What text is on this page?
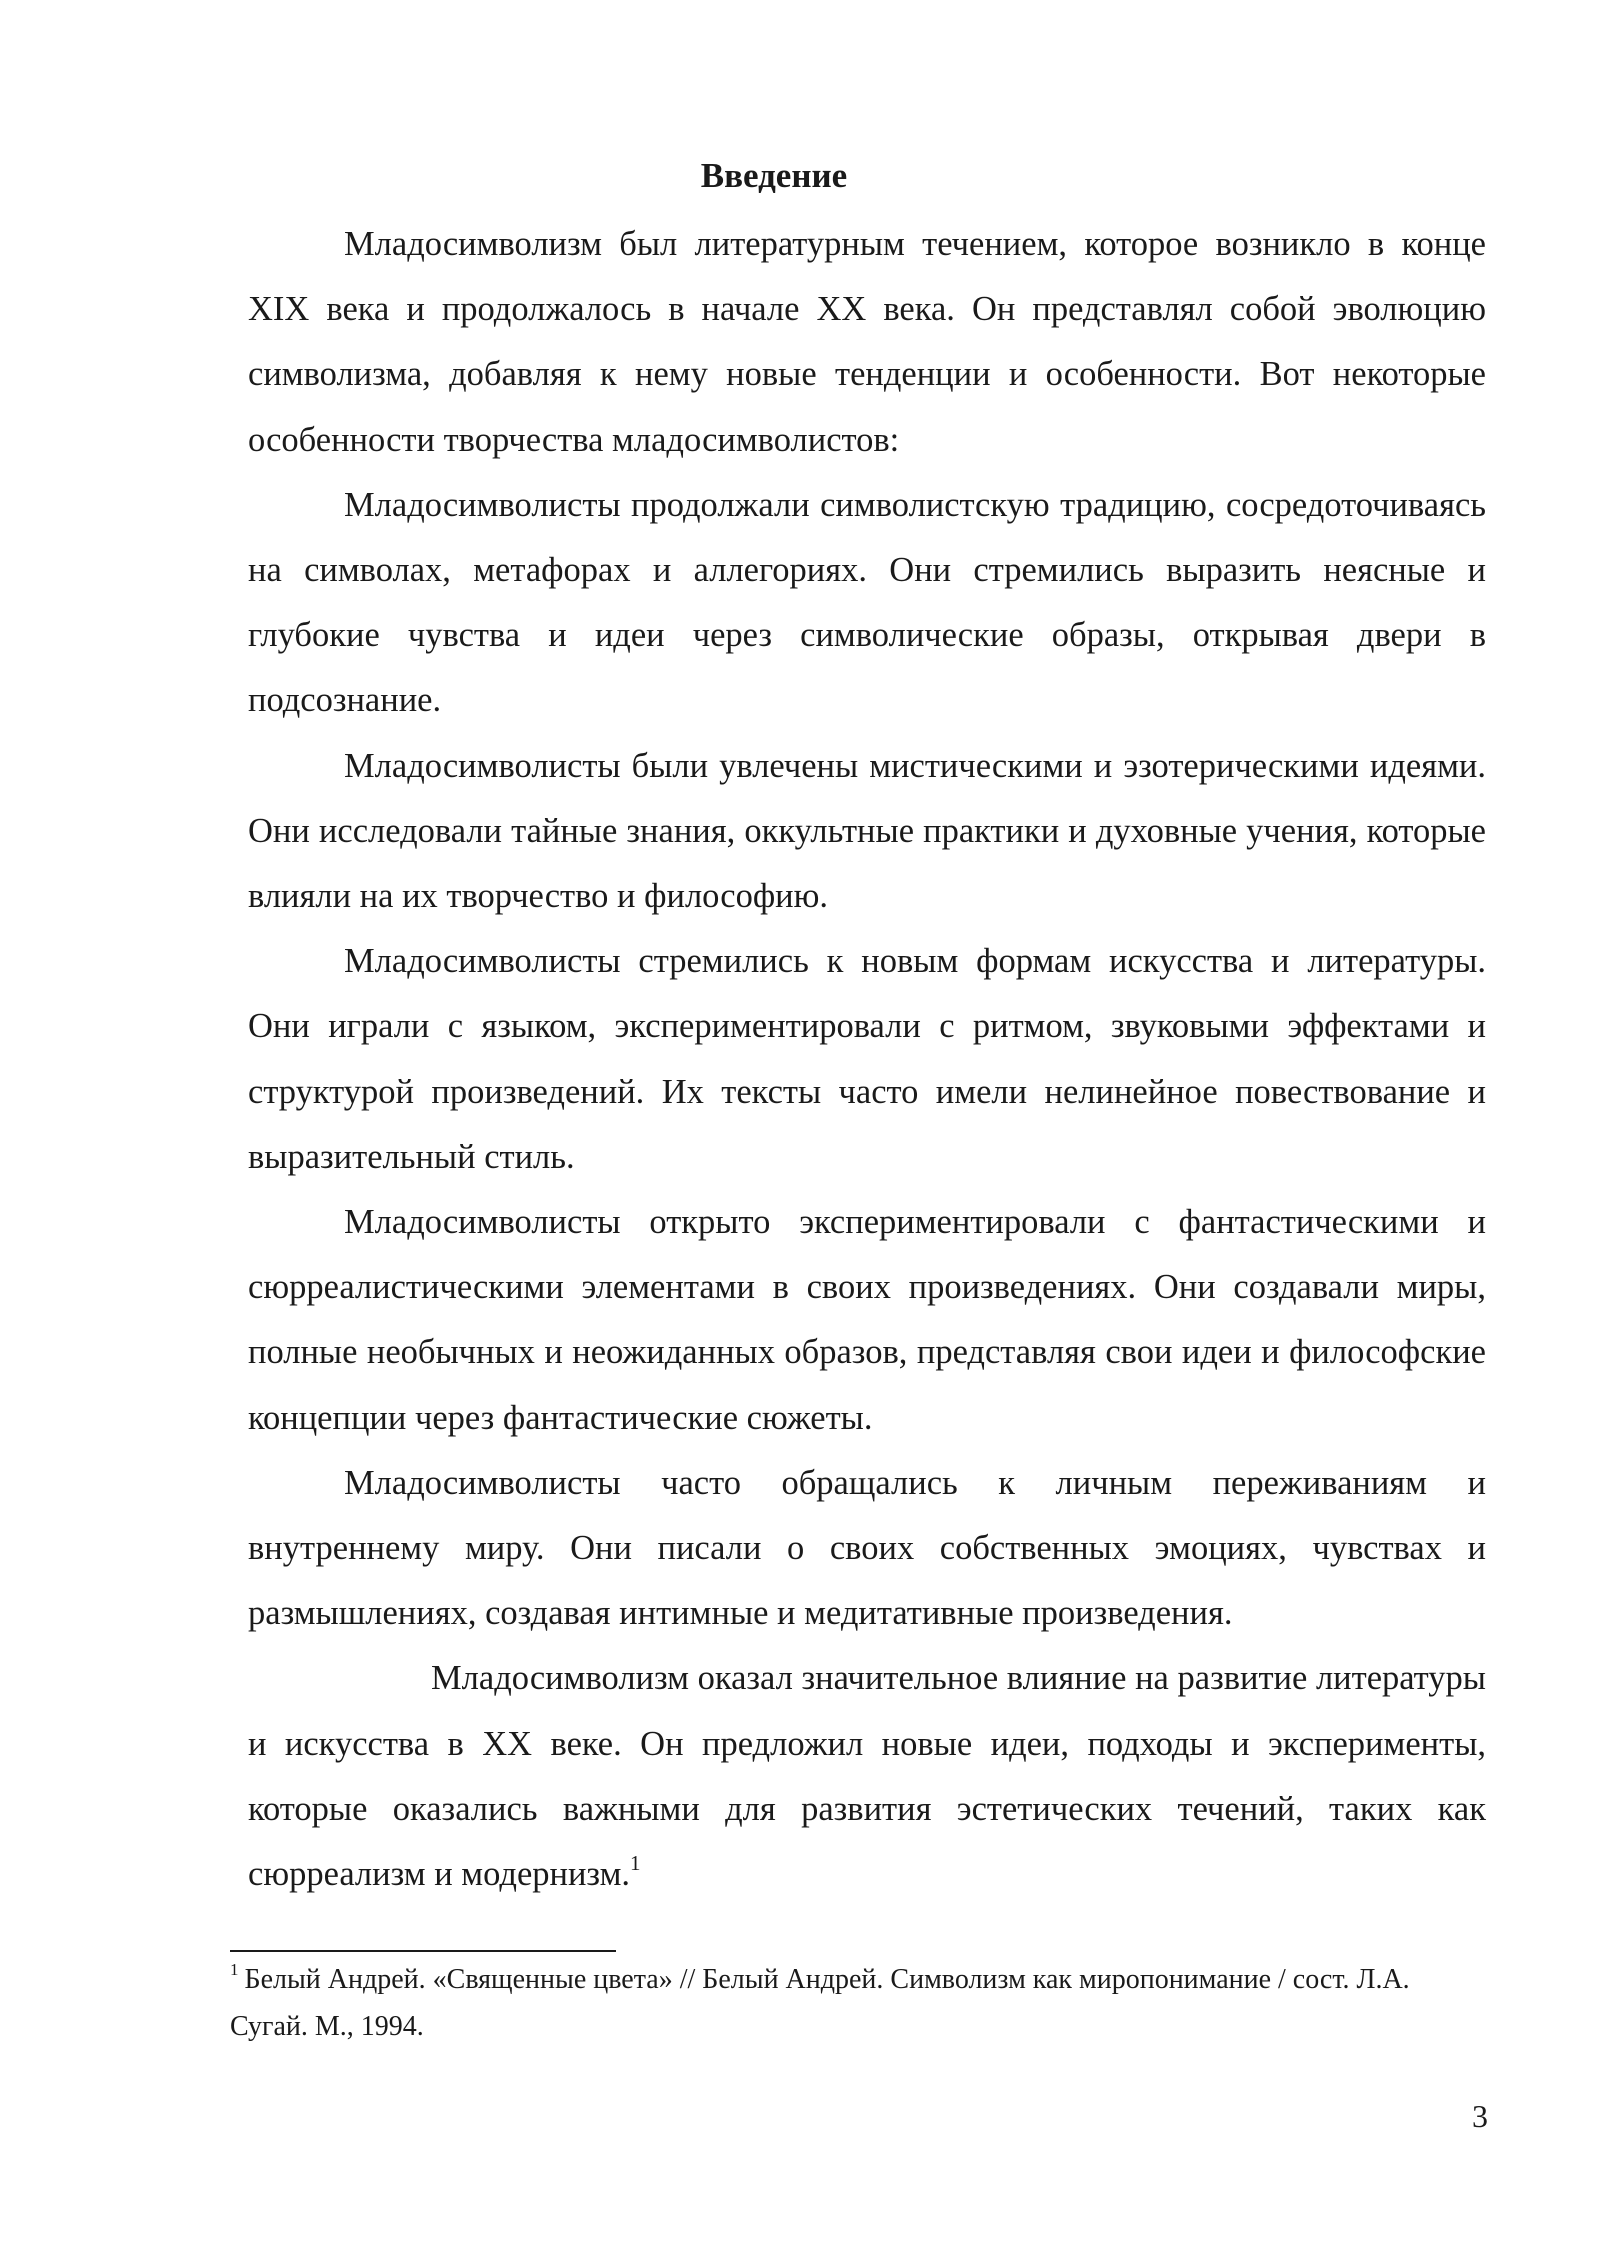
Введение

Младосимволизм был литературным течением, которое возникло в конце XIX века и продолжалось в начале XX века. Он представлял собой эволюцию символизма, добавляя к нему новые тенденции и особенности. Вот некоторые особенности творчества младосимволистов:

Младосимволисты продолжали символистскую традицию, сосредоточиваясь на символах, метафорах и аллегориях. Они стремились выразить неясные и глубокие чувства и идеи через символические образы, открывая двери в подсознание.

Младосимволисты были увлечены мистическими и эзотерическими идеями. Они исследовали тайные знания, оккультные практики и духовные учения, которые влияли на их творчество и философию.

Младосимволисты стремились к новым формам искусства и литературы. Они играли с языком, экспериментировали с ритмом, звуковыми эффектами и структурой произведений. Их тексты часто имели нелинейное повествование и выразительный стиль.

Младосимволисты открыто экспериментировали с фантастическими и сюрреалистическими элементами в своих произведениях. Они создавали миры, полные необычных и неожиданных образов, представляя свои идеи и философские концепции через фантастические сюжеты.

Младосимволисты часто обращались к личным переживаниям и внутреннему миру. Они писали о своих собственных эмоциях, чувствах и размышлениях, создавая интимные и медитативные произведения.

Младосимволизм оказал значительное влияние на развитие литературы и искусства в XX веке. Он предложил новые идеи, подходы и эксперименты, которые оказались важными для развития эстетических течений, таких как сюрреализм и модернизм.$^1$

$^1$ Белый Андрей. «Священные цвета» // Белый Андрей. Символизм как миропонимание / сост. Л.А. Сугай. М., 1994.

3
